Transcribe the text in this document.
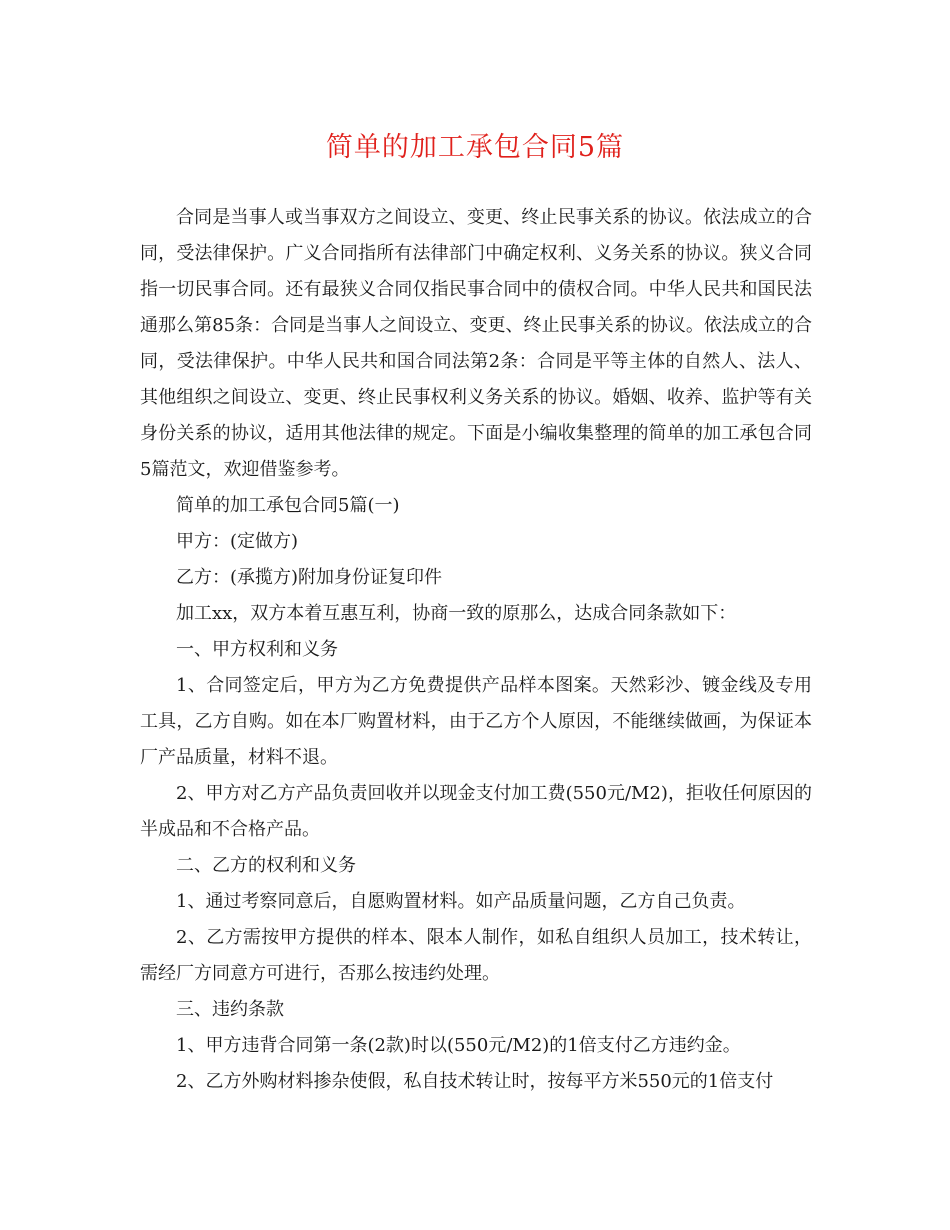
简单的加工承包合同5篇

合同是当事人或当事双方之间设立、变更、终止民事关系的协议。依法成立的合同，受法律保护。广义合同指所有法律部门中确定权利、义务关系的协议。狭义合同指一切民事合同。还有最狭义合同仅指民事合同中的债权合同。中华人民共和国民法通那么第85条：合同是当事人之间设立、变更、终止民事关系的协议。依法成立的合同，受法律保护。中华人民共和国合同法第2条：合同是平等主体的自然人、法人、其他组织之间设立、变更、终止民事权利义务关系的协议。婚姻、收养、监护等有关身份关系的协议，适用其他法律的规定。下面是小编收集整理的简单的加工承包合同5篇范文，欢迎借鉴参考。

简单的加工承包合同5篇(一)

甲方：(定做方)

乙方：(承揽方)附加身份证复印件

加工xx，双方本着互惠互利，协商一致的原那么，达成合同条款如下：

一、甲方权利和义务

1、合同签定后，甲方为乙方免费提供产品样本图案。天然彩沙、镀金线及专用工具，乙方自购。如在本厂购置材料，由于乙方个人原因，不能继续做画，为保证本厂产品质量，材料不退。

2、甲方对乙方产品负责回收并以现金支付加工费(550元/M2)，拒收任何原因的半成品和不合格产品。

二、乙方的权利和义务

1、通过考察同意后，自愿购置材料。如产品质量问题，乙方自己负责。

2、乙方需按甲方提供的样本、限本人制作，如私自组织人员加工，技术转让，需经厂方同意方可进行，否那么按违约处理。

三、违约条款

1、甲方违背合同第一条(2款)时以(550元/M2)的1倍支付乙方违约金。

2、乙方外购材料掺杂使假，私自技术转让时，按每平方米550元的1倍支付
